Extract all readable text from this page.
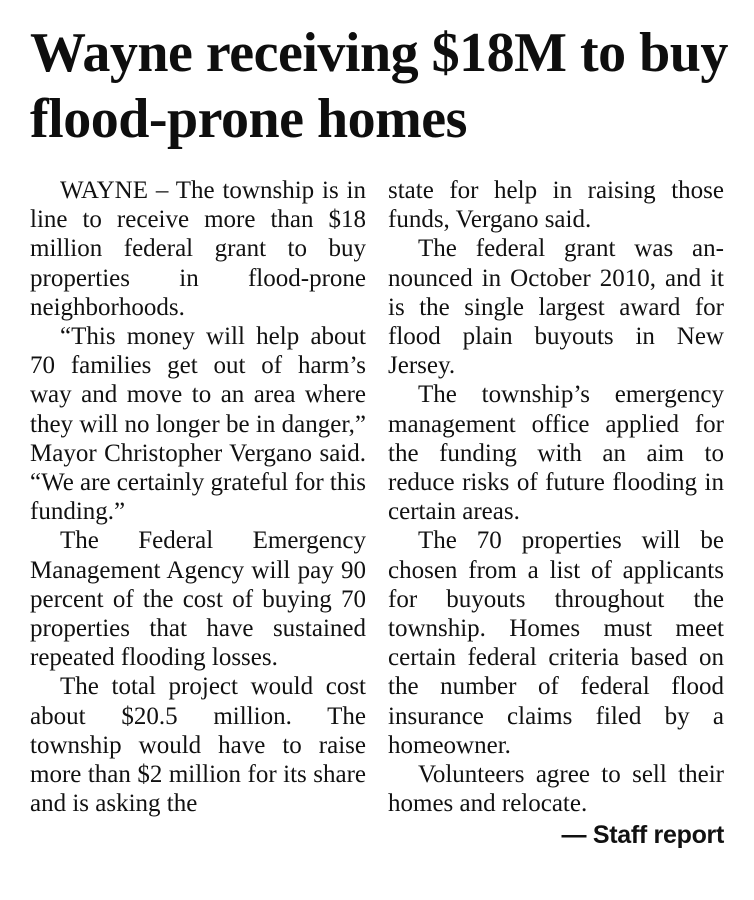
Wayne receiving $18M to buy flood-prone homes

WAYNE – The township is in line to receive more than $18 million federal grant to buy properties in flood-prone neighborhoods.

“This money will help about 70 families get out of harm’s way and move to an area where they will no longer be in danger,” Mayor Christopher Vergano said. “We are certainly grateful for this funding.”

The Federal Emergency Management Agency will pay 90 percent of the cost of buying 70 properties that have sustained repeated flooding losses.

The total project would cost about $20.5 million. The township would have to raise more than $2 million for its share and is asking the

state for help in raising those funds, Vergano said.

The federal grant was announced in October 2010, and it is the single largest award for flood plain buyouts in New Jersey.

The township’s emergency management office applied for the funding with an aim to reduce risks of future flooding in certain areas.

The 70 properties will be chosen from a list of applicants for buyouts throughout the township. Homes must meet certain federal criteria based on the number of federal flood insurance claims filed by a homeowner.

Volunteers agree to sell their homes and relocate.

— Staff report
